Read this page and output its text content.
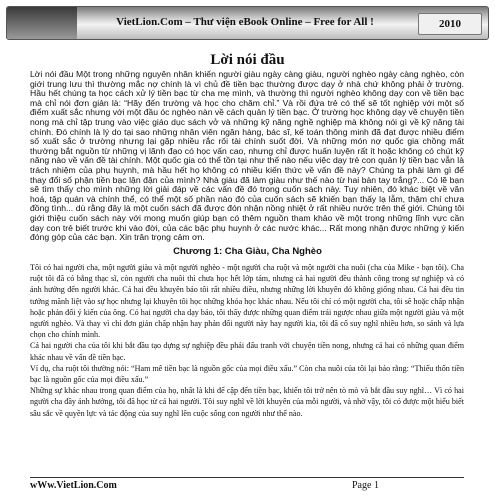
VietLion.Com – Thư viện eBook Online – Free for All !	2010
Lời nói đầu

Lời nói đầu Một trong những nguyên nhân khiến người giàu ngày càng giàu, người nghèo ngày càng nghèo, còn giới trung lưu thì thường mắc nợ chính là vì chủ đề tiền bạc thường được dạy ở nhà chứ không phải ở trường. Hầu hết chúng ta học cách xử lý tiền bạc từ cha mẹ mình, và thường thì người nghèo không dạy con về tiền bạc mà chỉ nói đơn giản là: “Hãy đến trường và học cho chăm chỉ.” Và rồi đứa trẻ có thể sẽ tốt nghiệp với một số điểm xuất sắc nhưng với một đầu óc nghèo nàn về cách quản lý tiền bạc. Ở trường học không dạy về chuyện tiền nong mà chỉ tập trung vào việc giáo dục sách vở và những kỹ năng nghề nghiệp mà không nói gì về kỹ năng tài chính. Đó chính là lý do tại sao những nhân viên ngân hàng, bác sĩ, kế toán thông minh đã đạt được nhiều điểm số xuất sắc ở trường nhưng lại gặp nhiều rắc rối tài chính suốt đời. Và những món nợ quốc gia chồng mất thường bắt nguồn từ những vị lãnh đạo có học vấn cao, nhưng chỉ được huấn luyện rất ít hoặc không có chút kỹ năng nào về vấn đề tài chính. Một quốc gia có thể tồn tại như thế nào nếu việc dạy trẻ con quản lý tiền bạc vẫn là trách nhiệm của phụ huynh, mà hầu hết họ không có nhiều kiến thức về vấn đề này? Chúng ta phải làm gì để thay đổi số phận tiền bạc lận đận của mình? Nhà giàu đã làm giàu như thế nào từ hai bàn tay trắng?... Có lẽ bạn sẽ tìm thấy cho mình những lời giải đáp về các vấn đề đó trong cuốn sách này. Tuy nhiên, đó khác biệt về văn hoá, tập quán và chính thể, có thể một số phần nào đó của cuốn sách sẽ khiến bạn thấy lạ lẫm, thậm chí chưa đồng tình... dù rằng đây là một cuốn sách đã được đón nhận nồng nhiệt ở rất nhiều nước trên thế giới. Chúng tôi giới thiệu cuốn sách này với mong muốn giúp bạn có thêm nguồn tham khảo về một trong những lĩnh vực cần dạy con trẻ biết trước khi vào đời, của các bậc phụ huynh ở các nước khác... Rất mong nhận được những ý kiến đóng góp của các bạn. Xin trân trọng cảm ơn.

Chương 1: Cha Giàu, Cha Nghèo

Tôi có hai người cha, một người giàu và một người nghèo - một người cha ruột và một người cha nuôi (cha của Mike - bạn tôi). Cha ruột tôi đã có bằng thạc sĩ, còn người cha nuôi thì chưa học hết lớp tám, nhưng cả hai người đều thành công trong sự nghiệp và có ảnh hưởng đến người khác. Cả hai đều khuyên bảo tôi rất nhiều điều, nhưng những lời khuyên đó không giống nhau. Cả hai đều tin tưởng mãnh liệt vào sự học nhưng lại khuyên tôi học những khóa học khác nhau. Nếu tôi chỉ có một người cha, tôi sẽ hoặc chấp nhận hoặc phản đối ý kiến của ông. Có hai người cha dạy bảo, tôi thấy được những quan điểm trái ngược nhau giữa một người giàu và một người nghèo. Và thay vì chỉ đơn giản chấp nhận hay phản đối người này hay người kia, tôi đã cố suy nghĩ nhiều hơn, so sánh và lựa chọn cho chính mình.

Cả hai người cha của tôi khi bắt đầu tạo dựng sự nghiệp đều phải đấu tranh với chuyện tiền nong, nhưng cả hai có những quan điểm khác nhau về vấn đề tiền bạc.

Ví dụ, cha ruột tôi thường nói: “Ham mê tiền bạc là nguồn gốc của mọi điều xấu.” Còn cha nuôi của tôi lại bảo rằng: “Thiếu thốn tiền bạc là nguồn gốc của mọi điều xấu.”

Những sự khác nhau trong quan điểm của họ, nhất là khi để cập đến tiền bạc, khiến tôi trở nên tò mò và bắt đầu suy nghĩ… Vì có hai người cha đầy ảnh hưởng, tôi đã học từ cả hai người. Tôi suy nghĩ về lời khuyên của mỗi người, và nhờ vậy, tôi có được một hiểu biết sâu sắc về quyền lực và tác động của suy nghĩ lên cuộc sống con người như thế nào.

wWw.VietLion.Com	Page 1
